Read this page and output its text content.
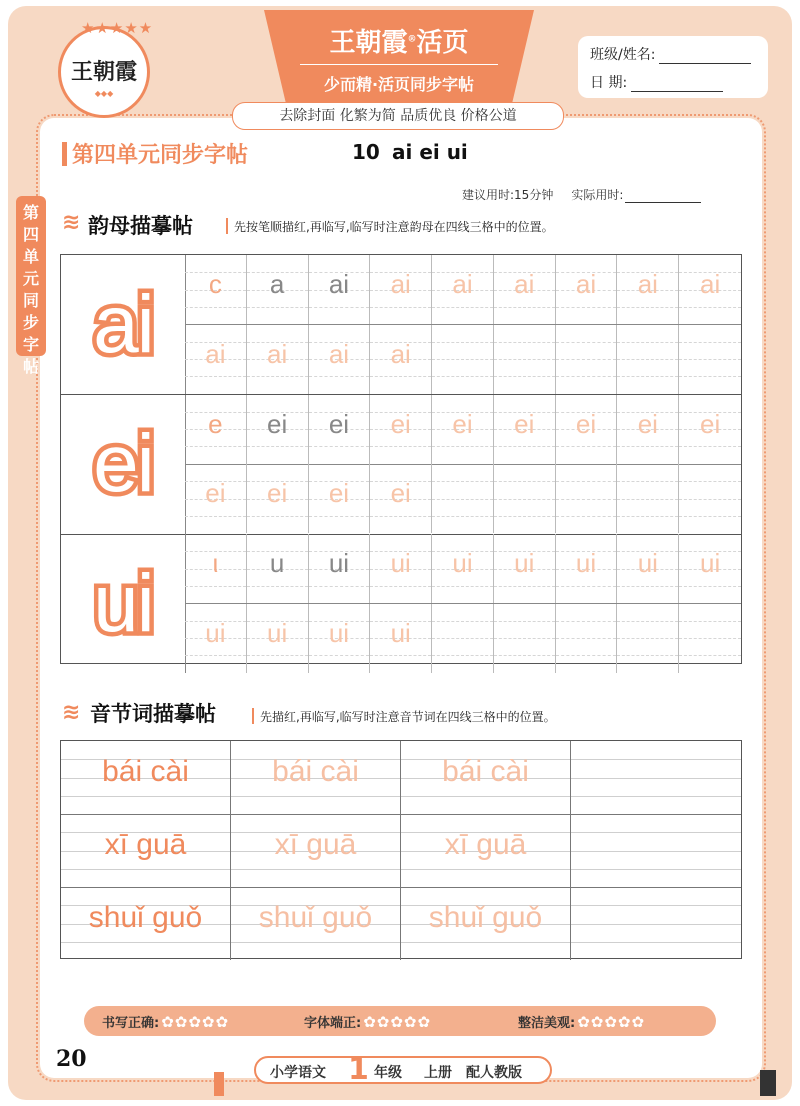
★★★★★
王朝霞
◆◆◆
王朝霞®活页
少而精·活页同步字帖
去除封面 化繁为简 品质优良 价格公道
班级/姓名:
日 期:
第
四
单
元
同
步
字
帖
第四单元同步字帖	10 ai ei ui
建议用时:15分钟 实际用时:
≋ 韵母描摹帖	先按笔顺描红,再临写,临写时注意韵母在四线三格中的位置。
ai	c	a	ai	ai	ai	ai	ai	ai	ai
ai	ai	ai	ai
ei	e	ei	ei	ei	ei	ei	ei	ei	ei
ei	ei	ei	ei
ui	ι	u	ui	ui	ui	ui	ui	ui	ui
ui	ui	ui	ui
≋ 音节词描摹帖	先描红,再临写,临写时注意音节词在四线三格中的位置。
bái cài	bái cài	bái cài
xī guā	xī guā	xī guā
shuǐ guǒ	shuǐ guǒ	shuǐ guǒ
书写正确: ✿✿✿✿✿	字体端正: ✿✿✿✿✿	整洁美观: ✿✿✿✿✿
20
小学语文 1 年级 上册 配人教版
